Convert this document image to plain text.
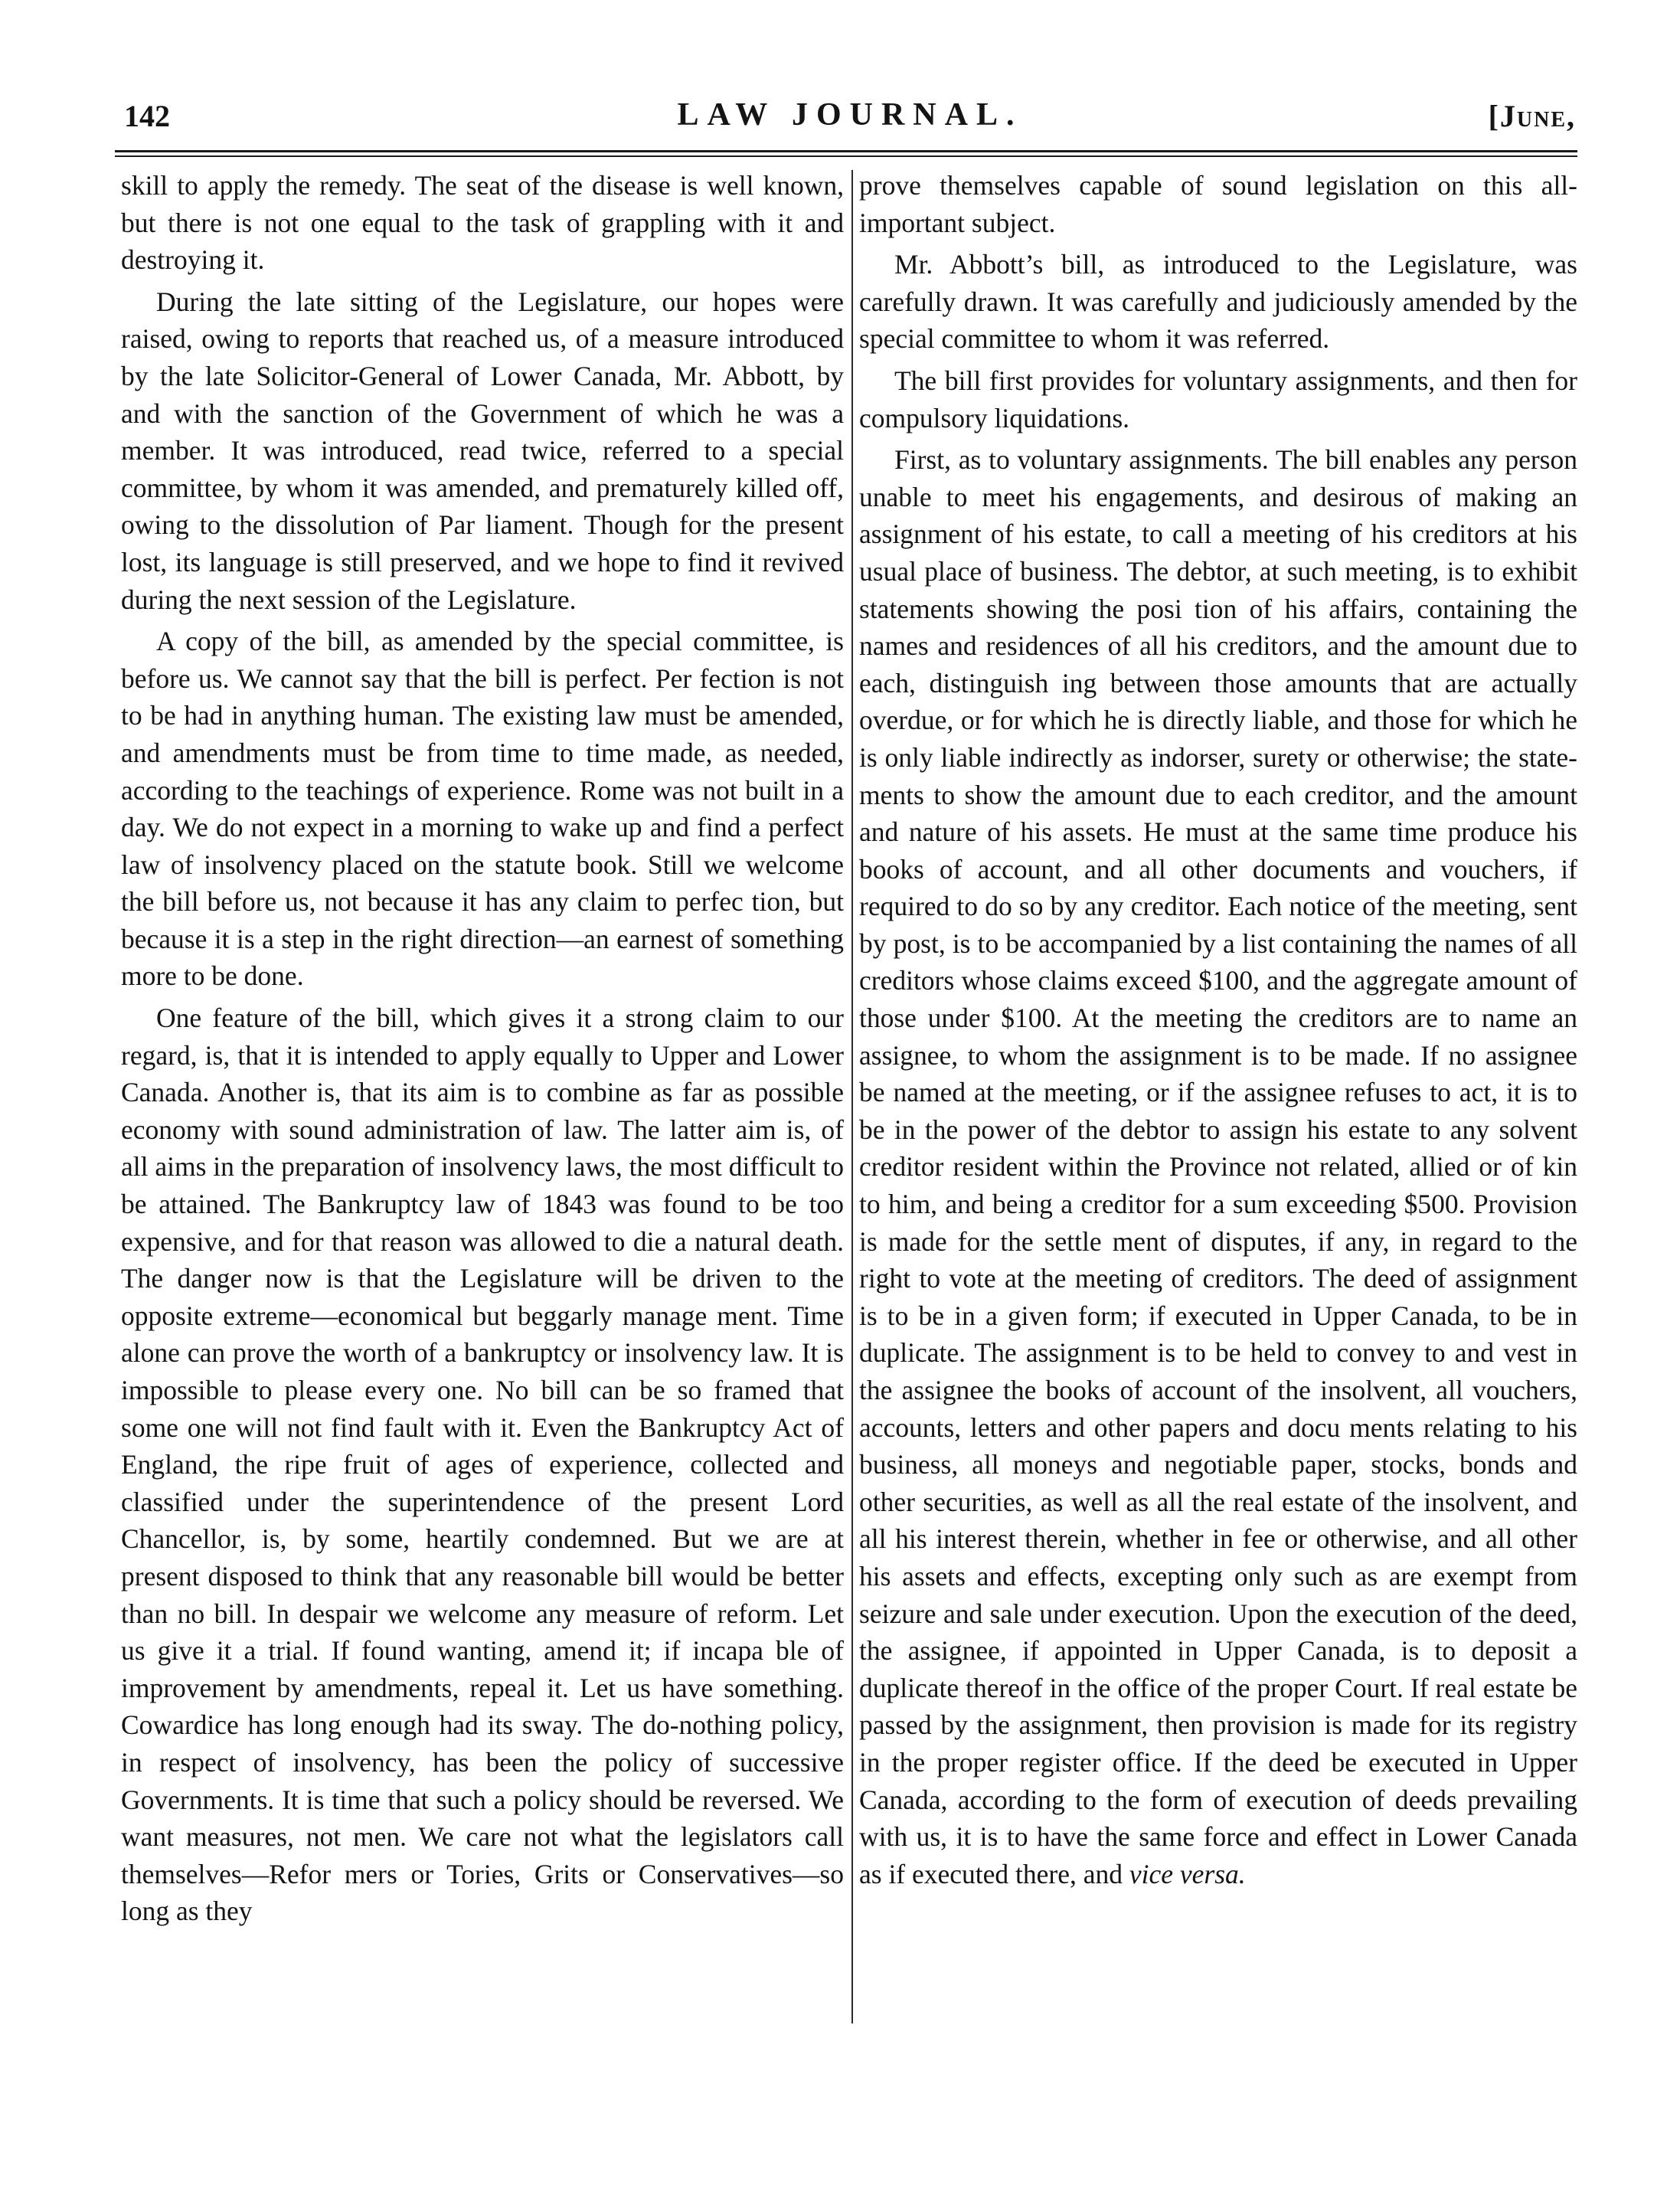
142	LAW JOURNAL.	[June,

skill to apply the remedy. The seat of the disease is well known, but there is not one equal to the task of grappling with it and destroying it.

During the late sitting of the Legislature, our hopes were raised, owing to reports that reached us, of a measure introduced by the late Solicitor-General of Lower Canada, Mr. Abbott, by and with the sanction of the Government of which he was a member. It was introduced, read twice, referred to a special committee, by whom it was amended, and prematurely killed off, owing to the dissolution of Par liament. Though for the present lost, its language is still preserved, and we hope to find it revived during the next session of the Legislature.

A copy of the bill, as amended by the special committee, is before us. We cannot say that the bill is perfect. Per fection is not to be had in anything human. The existing law must be amended, and amendments must be from time to time made, as needed, according to the teachings of experience. Rome was not built in a day. We do not expect in a morning to wake up and find a perfect law of insolvency placed on the statute book. Still we welcome the bill before us, not because it has any claim to perfec tion, but because it is a step in the right direction—an earnest of something more to be done.

One feature of the bill, which gives it a strong claim to our regard, is, that it is intended to apply equally to Upper and Lower Canada. Another is, that its aim is to combine as far as possible economy with sound administration of law. The latter aim is, of all aims in the preparation of insolvency laws, the most difficult to be attained. The Bankruptcy law of 1843 was found to be too expensive, and for that reason was allowed to die a natural death. The danger now is that the Legislature will be driven to the opposite extreme—economical but beggarly manage ment. Time alone can prove the worth of a bankruptcy or insolvency law. It is impossible to please every one. No bill can be so framed that some one will not find fault with it. Even the Bankruptcy Act of England, the ripe fruit of ages of experience, collected and classified under the superintendence of the present Lord Chancellor, is, by some, heartily condemned. But we are at present disposed to think that any reasonable bill would be better than no bill. In despair we welcome any measure of reform. Let us give it a trial. If found wanting, amend it; if incapa ble of improvement by amendments, repeal it. Let us have something. Cowardice has long enough had its sway. The do-nothing policy, in respect of insolvency, has been the policy of successive Governments. It is time that such a policy should be reversed. We want measures, not men. We care not what the legislators call themselves—Refor mers or Tories, Grits or Conservatives—so long as they

prove themselves capable of sound legislation on this all-important subject.

Mr. Abbott’s bill, as introduced to the Legislature, was carefully drawn. It was carefully and judiciously amended by the special committee to whom it was referred.

The bill first provides for voluntary assignments, and then for compulsory liquidations.

First, as to voluntary assignments. The bill enables any person unable to meet his engagements, and desirous of making an assignment of his estate, to call a meeting of his creditors at his usual place of business. The debtor, at such meeting, is to exhibit statements showing the posi tion of his affairs, containing the names and residences of all his creditors, and the amount due to each, distinguish ing between those amounts that are actually overdue, or for which he is directly liable, and those for which he is only liable indirectly as indorser, surety or otherwise; the state ments to show the amount due to each creditor, and the amount and nature of his assets. He must at the same time produce his books of account, and all other documents and vouchers, if required to do so by any creditor. Each notice of the meeting, sent by post, is to be accompanied by a list containing the names of all creditors whose claims exceed $100, and the aggregate amount of those under $100. At the meeting the creditors are to name an assignee, to whom the assignment is to be made. If no assignee be named at the meeting, or if the assignee refuses to act, it is to be in the power of the debtor to assign his estate to any solvent creditor resident within the Province not related, allied or of kin to him, and being a creditor for a sum exceeding $500. Provision is made for the settle ment of disputes, if any, in regard to the right to vote at the meeting of creditors. The deed of assignment is to be in a given form; if executed in Upper Canada, to be in duplicate. The assignment is to be held to convey to and vest in the assignee the books of account of the insolvent, all vouchers, accounts, letters and other papers and docu ments relating to his business, all moneys and negotiable paper, stocks, bonds and other securities, as well as all the real estate of the insolvent, and all his interest therein, whether in fee or otherwise, and all other his assets and effects, excepting only such as are exempt from seizure and sale under execution. Upon the execution of the deed, the assignee, if appointed in Upper Canada, is to deposit a duplicate thereof in the office of the proper Court. If real estate be passed by the assignment, then provision is made for its registry in the proper register office. If the deed be executed in Upper Canada, according to the form of execution of deeds prevailing with us, it is to have the same force and effect in Lower Canada as if executed there, and vice versa.
